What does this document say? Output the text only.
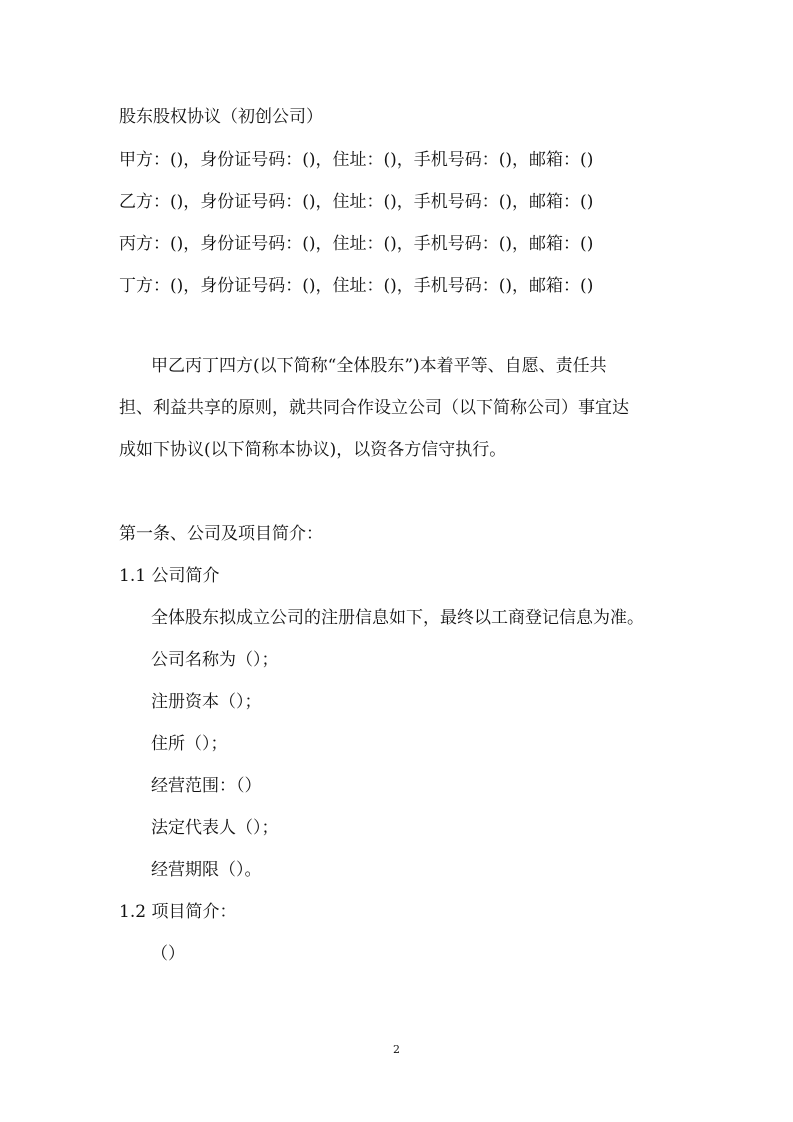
股东股权协议（初创公司）

甲方：()，身份证号码：()，住址：()，手机号码：()，邮箱：()

乙方：()，身份证号码：()，住址：()，手机号码：()，邮箱：()

丙方：()，身份证号码：()，住址：()，手机号码：()，邮箱：()

丁方：()，身份证号码：()，住址：()，手机号码：()，邮箱：()

甲乙丙丁四方(以下简称“全体股东”)本着平等、自愿、责任共

担、利益共享的原则，就共同合作设立公司（以下简称公司）事宜达

成如下协议(以下简称本协议)，以资各方信守执行。

第一条、公司及项目简介：

1.1 公司简介

全体股东拟成立公司的注册信息如下，最终以工商登记信息为准。

公司名称为（）；

注册资本（）；

住所（）；

经营范围：（）

法定代表人（）；

经营期限（）。

1.2 项目简介：

（）

2
